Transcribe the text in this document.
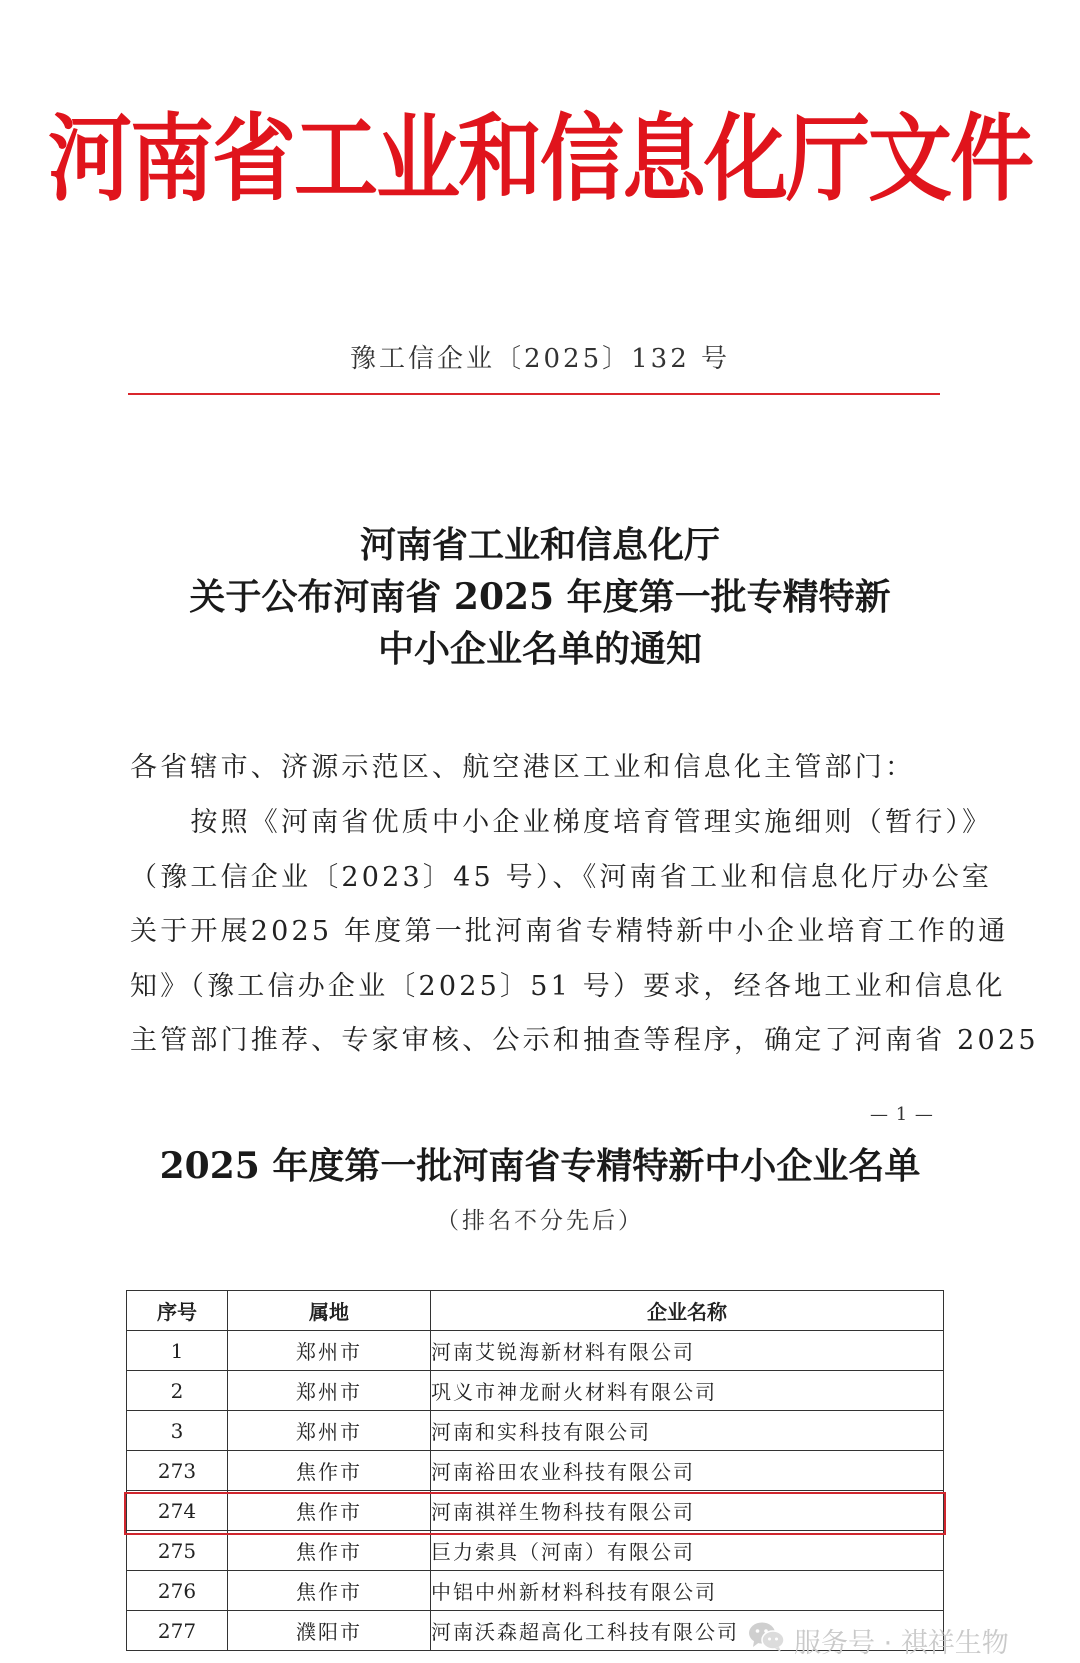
河南省工业和信息化厅文件
豫工信企业〔2025〕132 号
河南省工业和信息化厅
关于公布河南省 2025 年度第一批专精特新
中小企业名单的通知
各省辖市、济源示范区、航空港区工业和信息化主管部门：
　　按照《河南省优质中小企业梯度培育管理实施细则（暂行）》
（豫工信企业〔2023〕45 号）、《河南省工业和信息化厅办公室
关于开展2025 年度第一批河南省专精特新中小企业培育工作的通
知》（豫工信办企业〔2025〕51 号）要求，经各地工业和信息化
主管部门推荐、专家审核、公示和抽查等程序，确定了河南省 2025
— 1 —
2025 年度第一批河南省专精特新中小企业名单
（排名不分先后）
序号	属地	企业名称
1	郑州市	河南艾锐海新材料有限公司
2	郑州市	巩义市神龙耐火材料有限公司
3	郑州市	河南和实科技有限公司
273	焦作市	河南裕田农业科技有限公司
274	焦作市	河南祺祥生物科技有限公司
275	焦作市	巨力索具（河南）有限公司
276	焦作市	中铝中州新材料科技有限公司
277	濮阳市	河南沃森超高化工科技有限公司 服务号 · 祺祥生物
